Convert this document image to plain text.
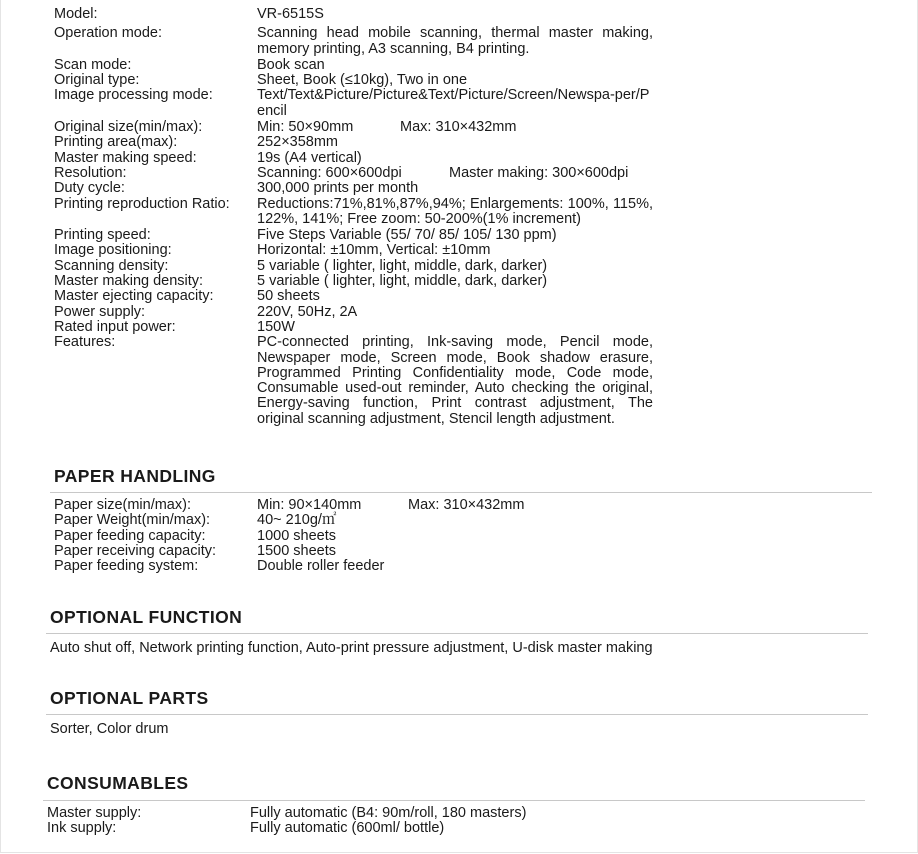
Model:	VR-6515S
Operation mode:	Scanning head mobile scanning, thermal master making, memory printing, A3 scanning, B4 printing.
Scan mode:	Book scan
Original type:	Sheet, Book (≤10kg), Two in one
Image processing mode:	Text/Text&Picture/Picture&Text/Picture/Screen/Newspa-per/Pencil
Original size(min/max):	Min: 50×90mm	Max: 310×432mm
Printing area(max):	252×358mm
Master making speed:	19s (A4 vertical)
Resolution:	Scanning: 600×600dpi	Master making: 300×600dpi
Duty cycle:	300,000 prints per month
Printing reproduction Ratio:	Reductions:71%,81%,87%,94%; Enlargements: 100%, 115%, 122%, 141%; Free zoom: 50-200%(1% increment)
Printing speed:	Five Steps Variable (55/ 70/ 85/ 105/ 130 ppm)
Image positioning:	Horizontal: ±10mm, Vertical: ±10mm
Scanning density:	5 variable ( lighter, light, middle, dark, darker)
Master making density:	5 variable ( lighter, light, middle, dark, darker)
Master ejecting capacity:	50 sheets
Power supply:	220V, 50Hz, 2A
Rated input power:	150W
Features:	PC-connected printing, Ink-saving mode, Pencil mode, Newspaper mode, Screen mode, Book shadow erasure, Programmed Printing Confidentiality mode, Code mode, Consumable used-out reminder, Auto checking the original, Energy-saving function, Print contrast adjustment, The original scanning adjustment, Stencil length adjustment.
PAPER HANDLING
Paper size(min/max):	Min: 90×140mm	Max: 310×432mm
Paper Weight(min/max):	40~ 210g/㎡
Paper feeding capacity:	1000 sheets
Paper receiving capacity:	1500 sheets
Paper feeding system:	Double roller feeder
OPTIONAL FUNCTION
Auto shut off, Network printing function, Auto-print pressure adjustment, U-disk master making
OPTIONAL PARTS
Sorter, Color drum
CONSUMABLES
Master supply:	Fully automatic (B4: 90m/roll, 180 masters)
Ink supply:	Fully automatic (600ml/ bottle)
